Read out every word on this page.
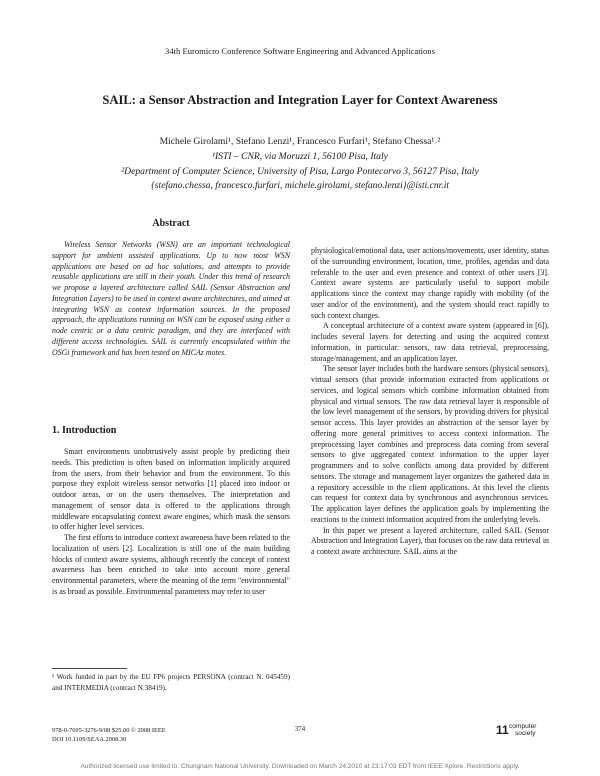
34th Euromicro Conference Software Engineering and Advanced Applications
SAIL: a Sensor Abstraction and Integration Layer for Context Awareness
Michele Girolami¹, Stefano Lenzi¹, Francesco Furfari¹, Stefano Chessa¹˒²
¹ISTI – CNR, via Moruzzi 1, 56100 Pisa, Italy
²Department of Computer Science, University of Pisa, Largo Pontecorvo 3, 56127 Pisa, Italy
{stefano.chessa, francesco.furfari, michele.girolami, stefano.lenzi}@isti.cnr.it
Abstract

Wireless Sensor Networks (WSN) are an important technological support for ambient assisted applications. Up to now most WSN applications are based on ad hoc solutions, and attempts to provide reusable applications are still in their youth. Under this trend of research we propose a layered architecture called SAIL (Sensor Abstraction and Integration Layers) to be used in context aware architectures, and aimed at integrating WSN as context information sources. In the proposed approach, the applications running on WSN can be exposed using either a node centric or a data centric paradigm, and they are interfaced with different access technologies. SAIL is currently encapsulated within the OSGi framework and has been tested on MICAz motes.

1. Introduction

Smart environments unobtrusively assist people by predicting their needs. This prediction is often based on information implicitly acquired from the users, from their behavior and from the environment. To this purpose they exploit wireless sensor networks [1] placed into indoor or outdoor areas, or on the users themselves. The interpretation and management of sensor data is offered to the applications through middleware encapsulating context aware engines, which mask the sensors to offer higher level services.

The first efforts to introduce context awareness have been related to the localization of users [2]. Localization is still one of the main building blocks of context aware systems, although recently the concept of context awareness has been enriched to take into account more general environmental parameters, where the meaning of the term "environmental" is as broad as possible. Environmental parameters may refer to user

physiological/emotional data, user actions/movements, user identity, status of the surrounding environment, location, time, profiles, agendas and data referable to the user and even presence and context of other users [3]. Context aware systems are particularly useful to support mobile applications since the context may change rapidly with mobility (of the user and/or of the environment), and the system should react rapidly to such context changes.

A conceptual architecture of a context aware system (appeared in [6]), includes several layers for detecting and using the acquired context information, in particular: sensors, raw data retrieval, preprocessing, storage/management, and an application layer.

The sensor layer includes both the hardware sensors (physical sensors), virtual sensors (that provide information extracted from applications or services, and logical sensors which combine information obtained from physical and virtual sensors. The raw data retrieval layer is responsible of the low level management of the sensors, by providing drivers for physical sensor access. This layer provides an abstraction of the sensor layer by offering more general primitives to access context information. The preprocessing layer combines and preprocess data coming from several sensors to give aggregated context information to the upper layer programmers and to solve conflicts among data provided by different sensors. The storage and management layer organizes the gathered data in a repository accessible to the client applications. At this level the clients can request for context data by synchronous and asynchronous services. The application layer defines the application goals by implementing the reactions to the context information acquired from the underlying levels.

In this paper we present a layered architecture, called SAIL (Sensor Abstraction and Integration Layer), that focuses on the raw data retrieval in a context aware architecture. SAIL aims at the

¹ Work funded in part by the EU FP6 projects PERSONA (contract N. 045459) and INTERMEDIA (contract N.38419).
978-0-7695-3276-9/08 $25.00 © 2008 IEEE
DOI 10.1109/SEAA.2008.30
374	11 computer
society
Authorized licensed use limited to: Chungnam National University. Downloaded on March 24,2010 at 23:17:03 EDT from IEEE Xplore. Restrictions apply.
